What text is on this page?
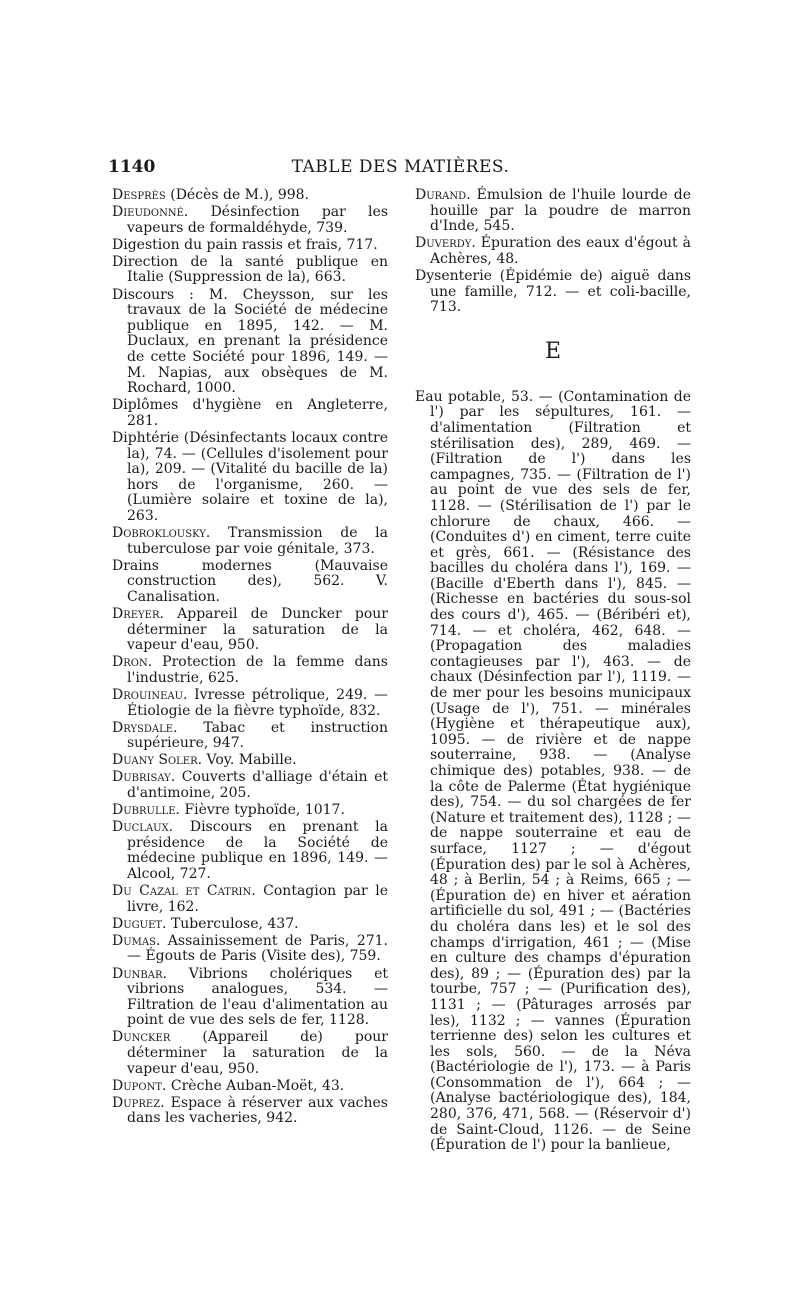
1140	TABLE DES MATIÈRES.

Desprès (Décès de M.), 998.

Dieudonné. Désinfection par les vapeurs de formaldéhyde, 739.

Digestion du pain rassis et frais, 717.

Direction de la santé publique en Italie (Suppression de la), 663.

Discours : M. Cheysson, sur les travaux de la Société de médecine publique en 1895, 142. — M. Duclaux, en prenant la présidence de cette Société pour 1896, 149. — M. Napias, aux obsèques de M. Rochard, 1000.

Diplômes d'hygiène en Angleterre, 281.

Diphtérie (Désinfectants locaux contre la), 74. — (Cellules d'isolement pour la), 209. — (Vitalité du bacille de la) hors de l'organisme, 260. — (Lumière solaire et toxine de la), 263.

Dobroklousky. Transmission de la tuberculose par voie génitale, 373.

Drains modernes (Mauvaise construction des), 562. V. Canalisation.

Dreyer. Appareil de Duncker pour déterminer la saturation de la vapeur d'eau, 950.

Dron. Protection de la femme dans l'industrie, 625.

Drouineau. Ivresse pétrolique, 249. — Étiologie de la fièvre typhoïde, 832.

Drysdale. Tabac et instruction supérieure, 947.

Duany Soler. Voy. Mabille.

Dubrisay. Couverts d'alliage d'étain et d'antimoine, 205.

Dubrulle. Fièvre typhoïde, 1017.

Duclaux. Discours en prenant la présidence de la Société de médecine publique en 1896, 149. — Alcool, 727.

Du Cazal et Catrin. Contagion par le livre, 162.

Duguet. Tuberculose, 437.

Dumas. Assainissement de Paris, 271. — Égouts de Paris (Visite des), 759.

Dunbar. Vibrions cholériques et vibrions analogues, 534. — Filtration de l'eau d'alimentation au point de vue des sels de fer, 1128.

Duncker (Appareil de) pour déterminer la saturation de la vapeur d'eau, 950.

Dupont. Crèche Auban-Moët, 43.

Duprez. Espace à réserver aux vaches dans les vacheries, 942.

Durand. Émulsion de l'huile lourde de houille par la poudre de marron d'Inde, 545.

Duverdy. Épuration des eaux d'égout à Achères, 48.

Dysenterie (Épidémie de) aiguë dans une famille, 712. — et coli-bacille, 713.

E

Eau potable, 53. — (Contamination de l') par les sépultures, 161. — d'alimentation (Filtration et stérilisation des), 289, 469. — (Filtration de l') dans les campagnes, 735. — (Filtration de l') au point de vue des sels de fer, 1128. — (Stérilisation de l') par le chlorure de chaux, 466. — (Conduites d') en ciment, terre cuite et grès, 661. — (Résistance des bacilles du choléra dans l'), 169. — (Bacille d'Eberth dans l'), 845. — (Richesse en bactéries du sous-sol des cours d'), 465. — (Béribéri et), 714. — et choléra, 462, 648. — (Propagation des maladies contagieuses par l'), 463. — de chaux (Désinfection par l'), 1119. — de mer pour les besoins municipaux (Usage de l'), 751. — minérales (Hygiène et thérapeutique aux), 1095. — de rivière et de nappe souterraine, 938. — (Analyse chimique des) potables, 938. — de la côte de Palerme (État hygiénique des), 754. — du sol chargées de fer (Nature et traitement des), 1128 ; — de nappe souterraine et eau de surface, 1127 ; — d'égout (Épuration des) par le sol à Achères, 48 ; à Berlin, 54 ; à Reims, 665 ; — (Épuration de) en hiver et aération artificielle du sol, 491 ; — (Bactéries du choléra dans les) et le sol des champs d'irrigation, 461 ; — (Mise en culture des champs d'épuration des), 89 ; — (Épuration des) par la tourbe, 757 ; — (Purification des), 1131 ; — (Pâturages arrosés par les), 1132 ; — vannes (Épuration terrienne des) selon les cultures et les sols, 560. — de la Néva (Bactériologie de l'), 173. — à Paris (Consommation de l'), 664 ; — (Analyse bactériologique des), 184, 280, 376, 471, 568. — (Réservoir d') de Saint-Cloud, 1126. — de Seine (Épuration de l') pour la banlieue,
